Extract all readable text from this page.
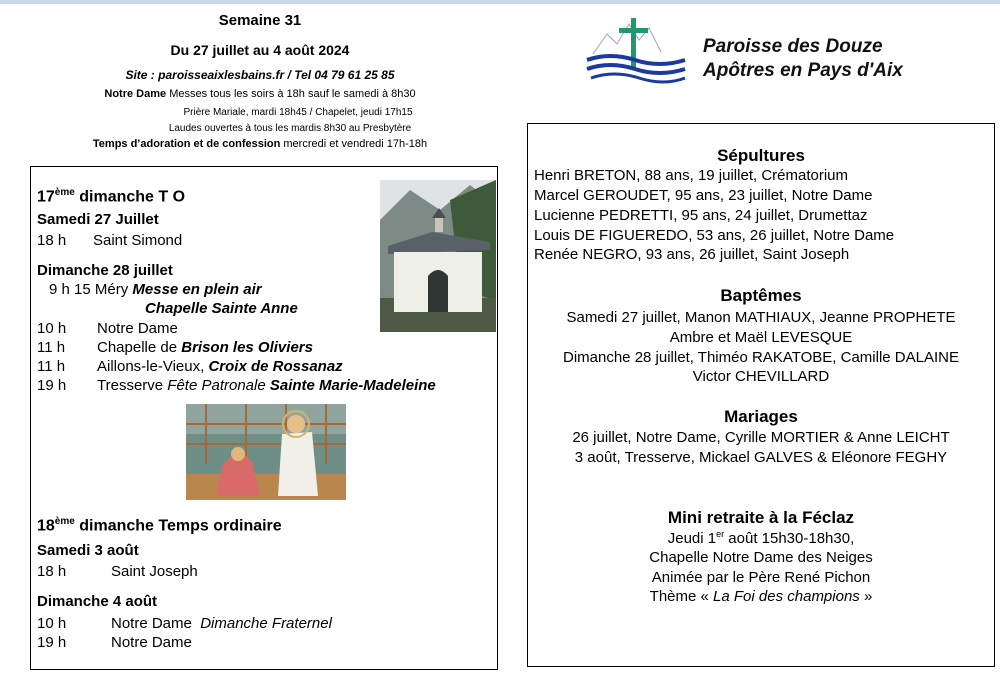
Semaine 31
Du 27 juillet au 4 août 2024
Site : paroisseaixlesbains.fr / Tel 04 79 61 25 85
Notre Dame Messes tous les soirs à 18h sauf le samedi à 8h30
Prière Mariale, mardi 18h45 / Chapelet, jeudi 17h15
Laudes ouvertes à tous les mardis 8h30 au Presbytère
Temps d’adoration et de confession mercredi et vendredi 17h-18h
Paroisse des Douze
Apôtres en Pays d'Aix
17ème dimanche T O
Samedi 27 Juillet
18 h Saint Simond
Dimanche 28 juillet
9 h 15 Méry Messe en plein air
Chapelle Sainte Anne
10 h Notre Dame
11 h Chapelle de Brison les Oliviers
11 h Aillons-le-Vieux, Croix de Rossanaz
19 h Tresserve Fête Patronale Sainte Marie-Madeleine
18ème dimanche Temps ordinaire
Samedi 3 août
18 h	Saint Joseph
Dimanche 4 août
10 h	Notre Dame Dimanche Fraternel
19 h	Notre Dame
Sépultures
Henri BRETON, 88 ans, 19 juillet, Crématorium
Marcel GEROUDET, 95 ans, 23 juillet, Notre Dame
Lucienne PEDRETTI, 95 ans, 24 juillet, Drumettaz
Louis DE FIGUEREDO, 53 ans, 26 juillet, Notre Dame
Renée NEGRO, 93 ans, 26 juillet, Saint Joseph
Baptêmes
Samedi 27 juillet, Manon MATHIAUX, Jeanne PROPHETE
Ambre et Maël LEVESQUE
Dimanche 28 juillet, Thiméo RAKATOBE, Camille DALAINE
Victor CHEVILLARD
Mariages
26 juillet, Notre Dame, Cyrille MORTIER & Anne LEICHT
3 août, Tresserve, Mickael GALVES & Eléonore FEGHY
Mini retraite à la Féclaz
Jeudi 1er août 15h30-18h30,
Chapelle Notre Dame des Neiges
Animée par le Père René Pichon
Thème « La Foi des champions »
